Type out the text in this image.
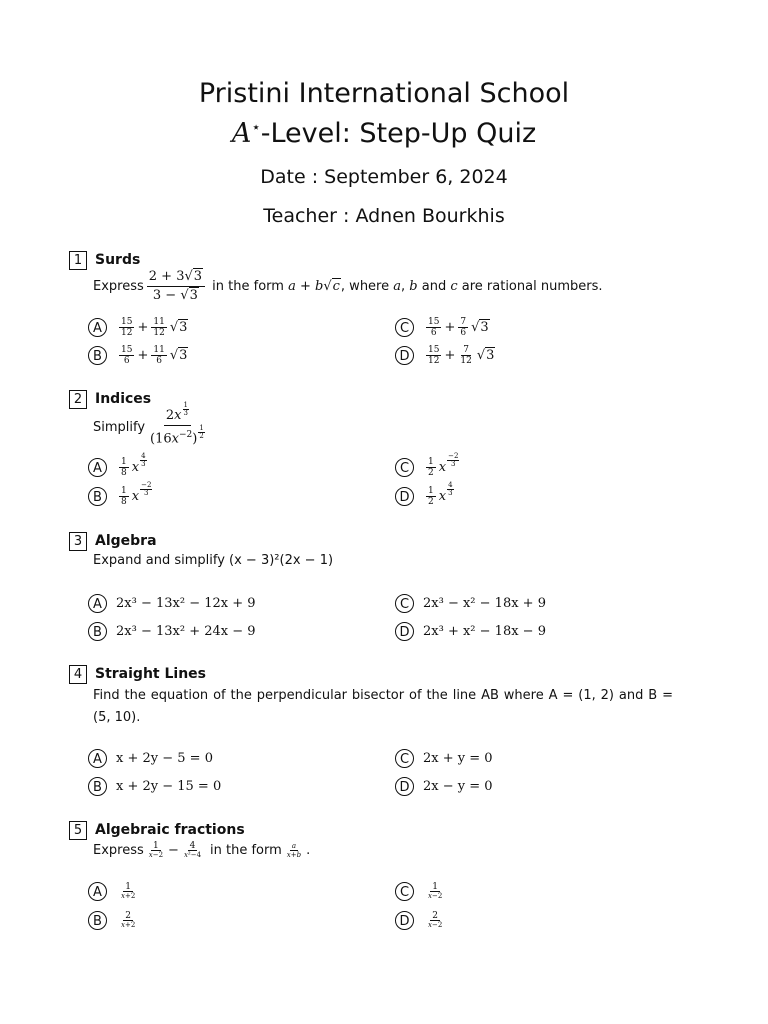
Pristini International School
A⋆-Level: Step-Up Quiz
Date : September 6, 2024
Teacher : Adnen Bourkhis
1 Surds
Express $\frac{2 + 3√3}{3 - √3}$ in the form a + b√c, where a, b and c are rational numbers.
A	$\frac{15}{12} + \frac{11}{12}$ √ 3
B	$\frac{15}{6} + \frac{11}{6}$ √ 3
C	$\frac{15}{6} + \frac{7}{6}$ √ 3
D	$\frac{15}{12} + \frac{7}{12}$ √ 3
2 Indices
Simplify $\frac{2x \frac{1}{3}}{(16x^{-2}) \frac{1}{2}}$
A	$\frac{1}{8}$ x $\frac{4}{3}$
B	$\frac{1}{8}$ x $\frac{-2}{3}$
C	$\frac{1}{2}$ x $\frac{-2}{3}$
D	$\frac{1}{2}$ x $\frac{4}{3}$
3 Algebra
Expand and simplify (x − 3)²(2x − 1)
A	2x³ − 13x² − 12x + 9
B	2x³ − 13x² + 24x − 9
C	2x³ − x² − 18x + 9
D	2x³ + x² − 18x − 9
4 Straight Lines
Find the equation of the perpendicular bisector of the line AB where A = (1, 2) and B = (5, 10).
A	x + 2y − 5 = 0
B	x + 2y − 15 = 0
C	2x + y = 0
D	2x − y = 0
5 Algebraic fractions
Express $\frac{1}{x-2} - \frac{4}{\text{x²−4}}$ in the form $\frac{a}{x+b}$ .
A	$\frac{1}{x+2}$
B	$\frac{2}{x+2}$
C	$\frac{1}{x-2}$
D	$\frac{2}{x-2}$
